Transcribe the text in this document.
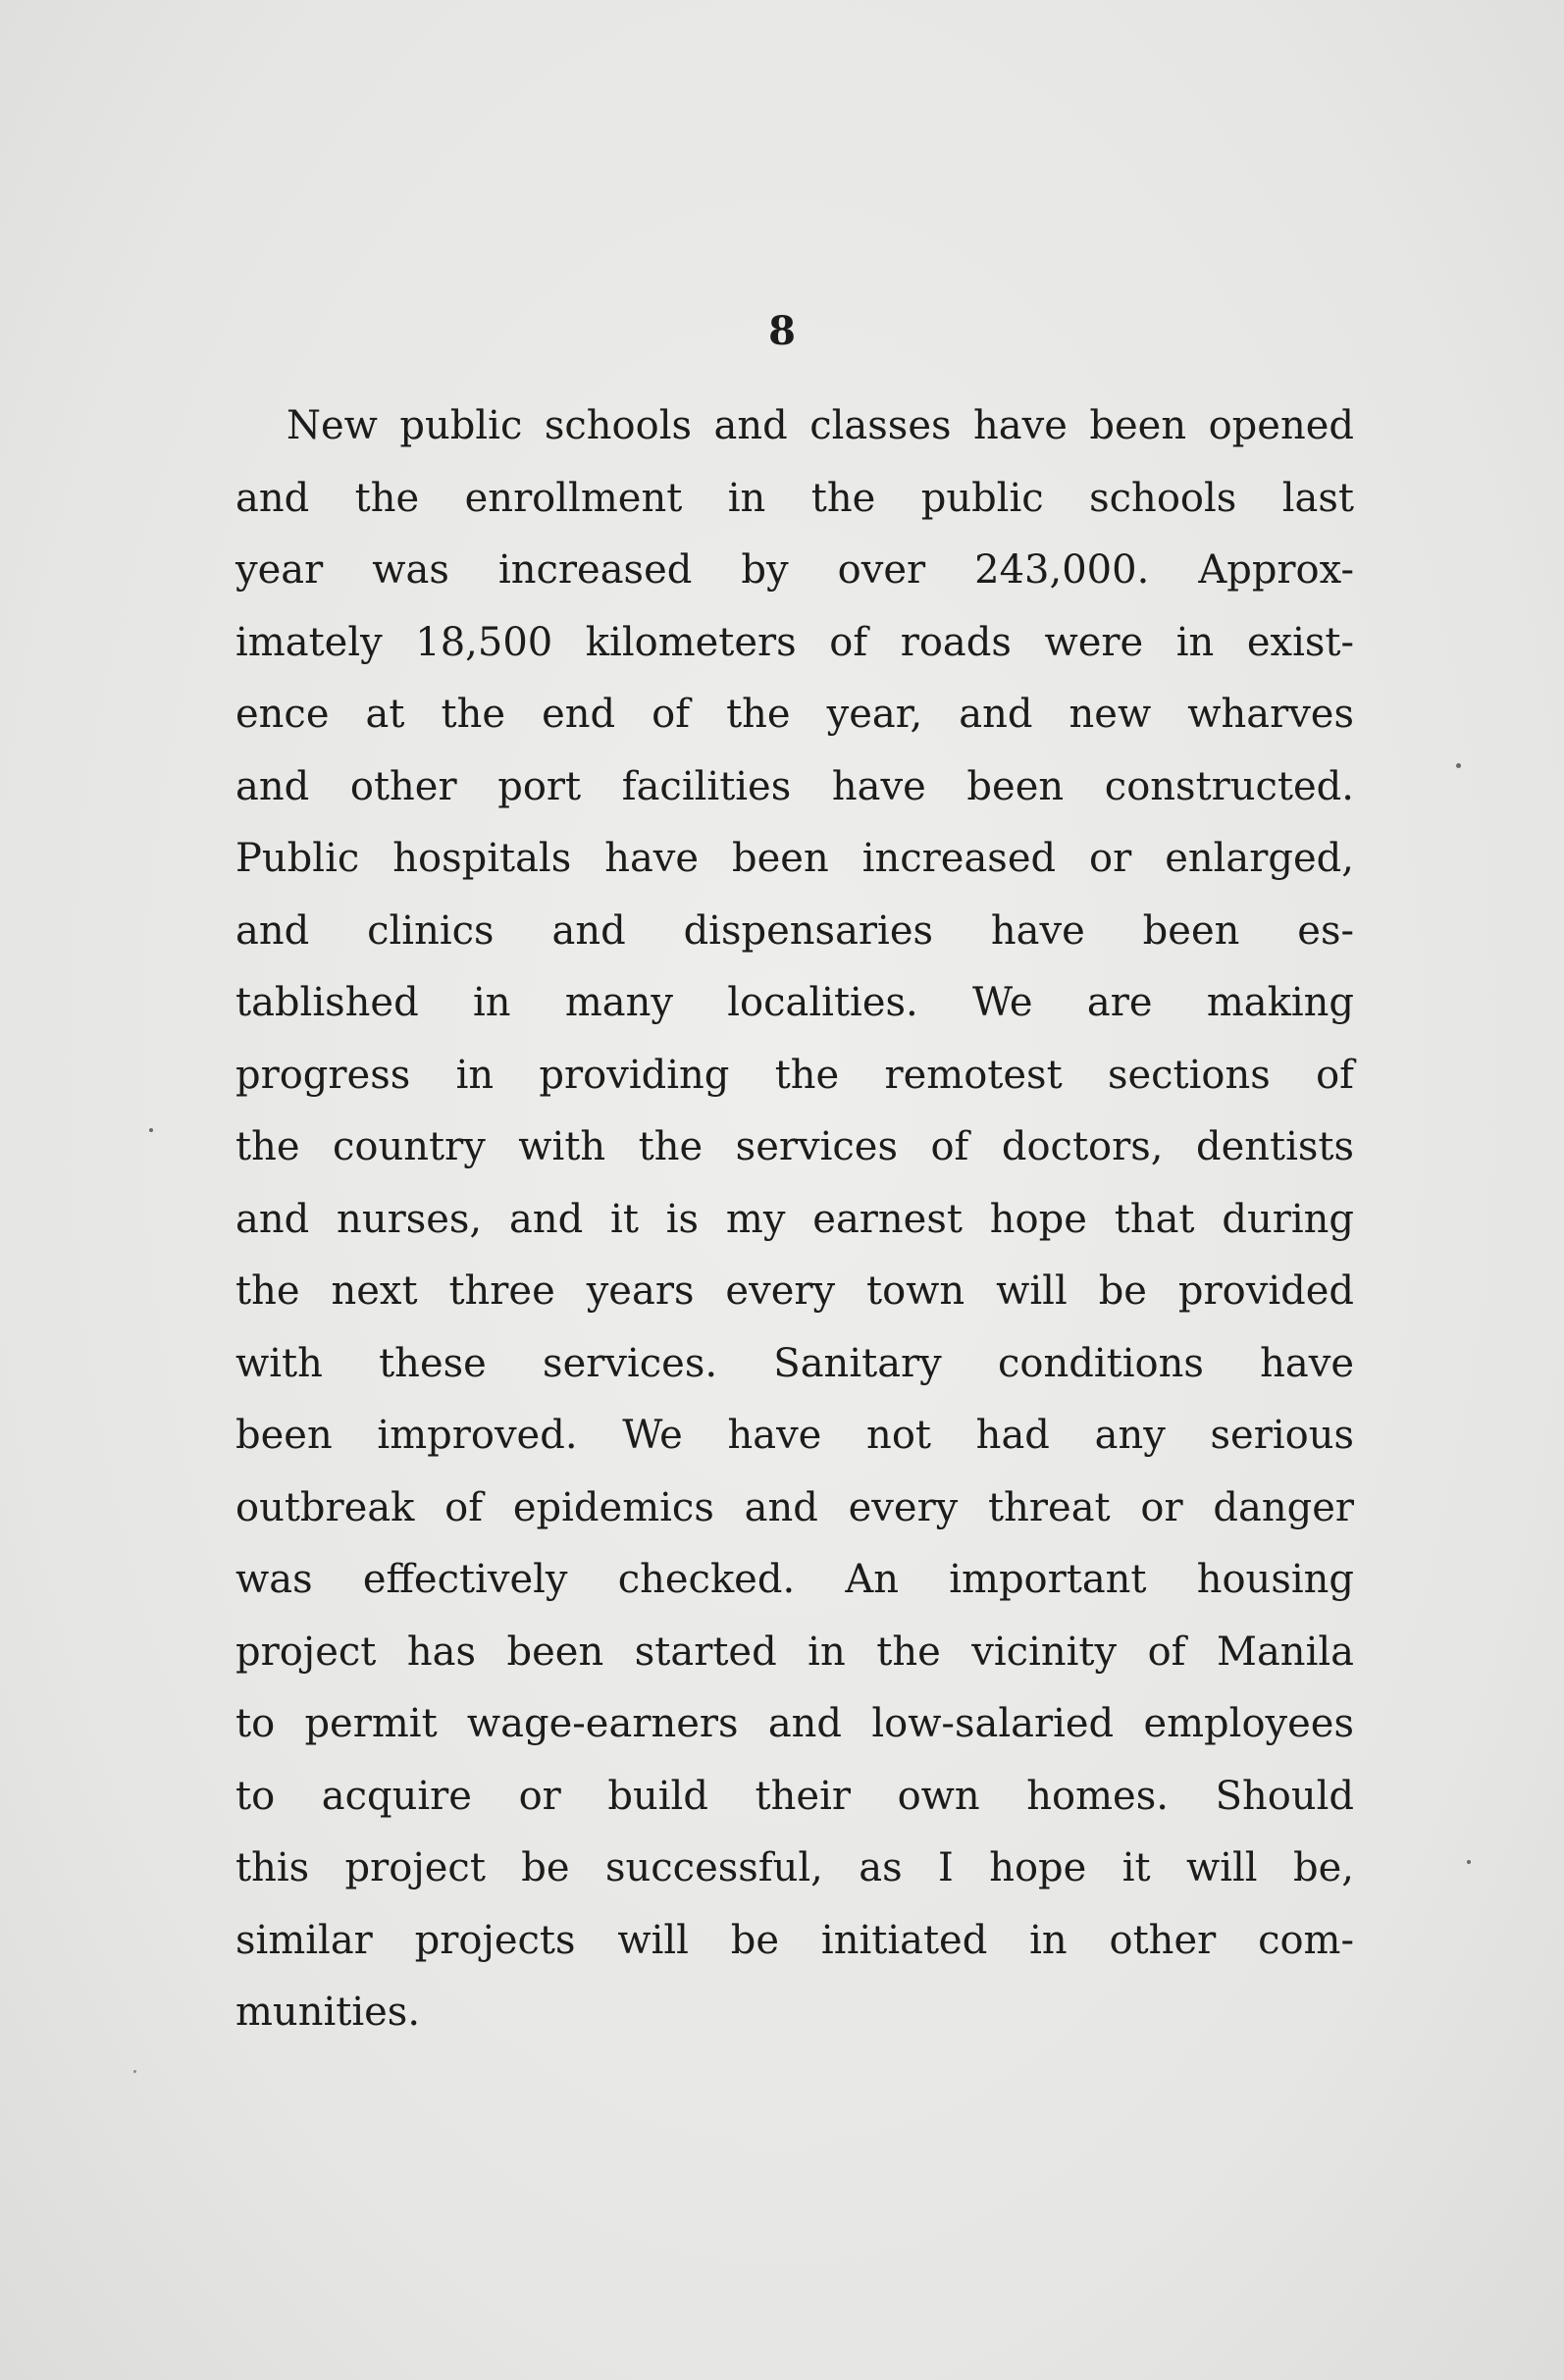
8
New public schools and classes have been opened
and the enrollment in the public schools last
year was increased by over 243,000. Approx-
imately 18,500 kilometers of roads were in exist-
ence at the end of the year, and new wharves
and other port facilities have been constructed.
Public hospitals have been increased or enlarged,
and clinics and dispensaries have been es-
tablished in many localities. We are making
progress in providing the remotest sections of
the country with the services of doctors, dentists
and nurses, and it is my earnest hope that during
the next three years every town will be provided
with these services. Sanitary conditions have
been improved. We have not had any serious
outbreak of epidemics and every threat or danger
was effectively checked. An important housing
project has been started in the vicinity of Manila
to permit wage-earners and low-salaried employees
to acquire or build their own homes. Should
this project be successful, as I hope it will be,
similar projects will be initiated in other com-
munities.
